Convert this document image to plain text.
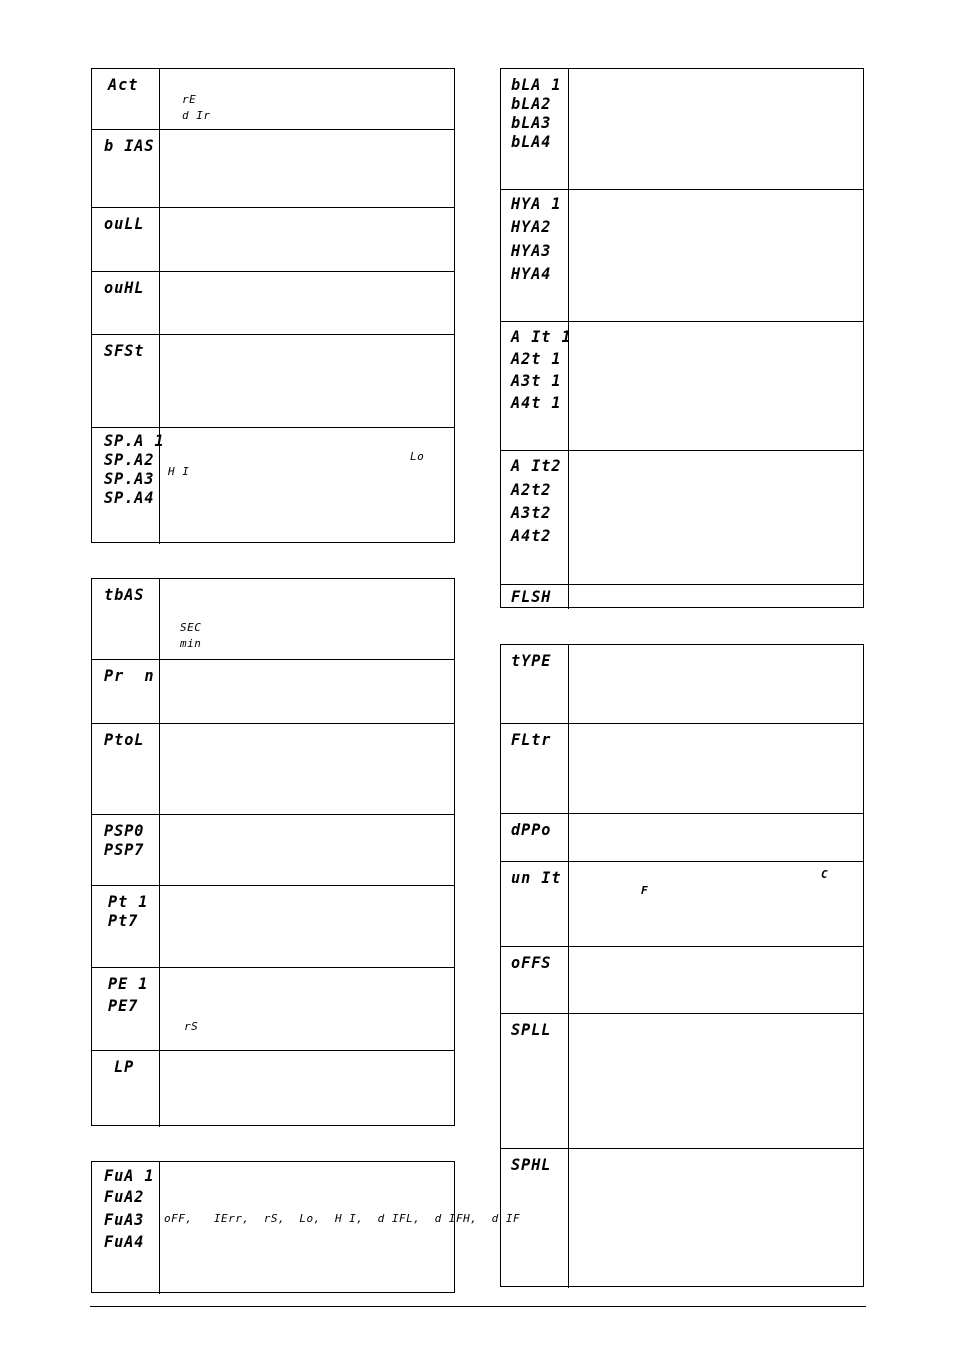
Act
rE
d Ir
b IAS
ouLL
ouHL
SFSt
SP.A 1
SP.A2
SP.A3
SP.A4
Lo
H I
tbAS
SEC
min
Pr  n
PtoL
PSP0
PSP7
Pt 1
Pt7
PE 1
PE7
rS
LP
FuA 1
FuA2
FuA3
FuA4
oFF,   IErr,  rS,  Lo,  H I,  d IFL,  d IFH,  d IF
bLA 1
bLA2
bLA3
bLA4
HYA 1
HYA2
HYA3
HYA4
A It 1
A2t 1
A3t 1
A4t 1
A It2
A2t2
A3t2
A4t2
FLSH
tYPE
FLtr
dPPo
un It	C
F
oFFS
SPLL
SPHL
